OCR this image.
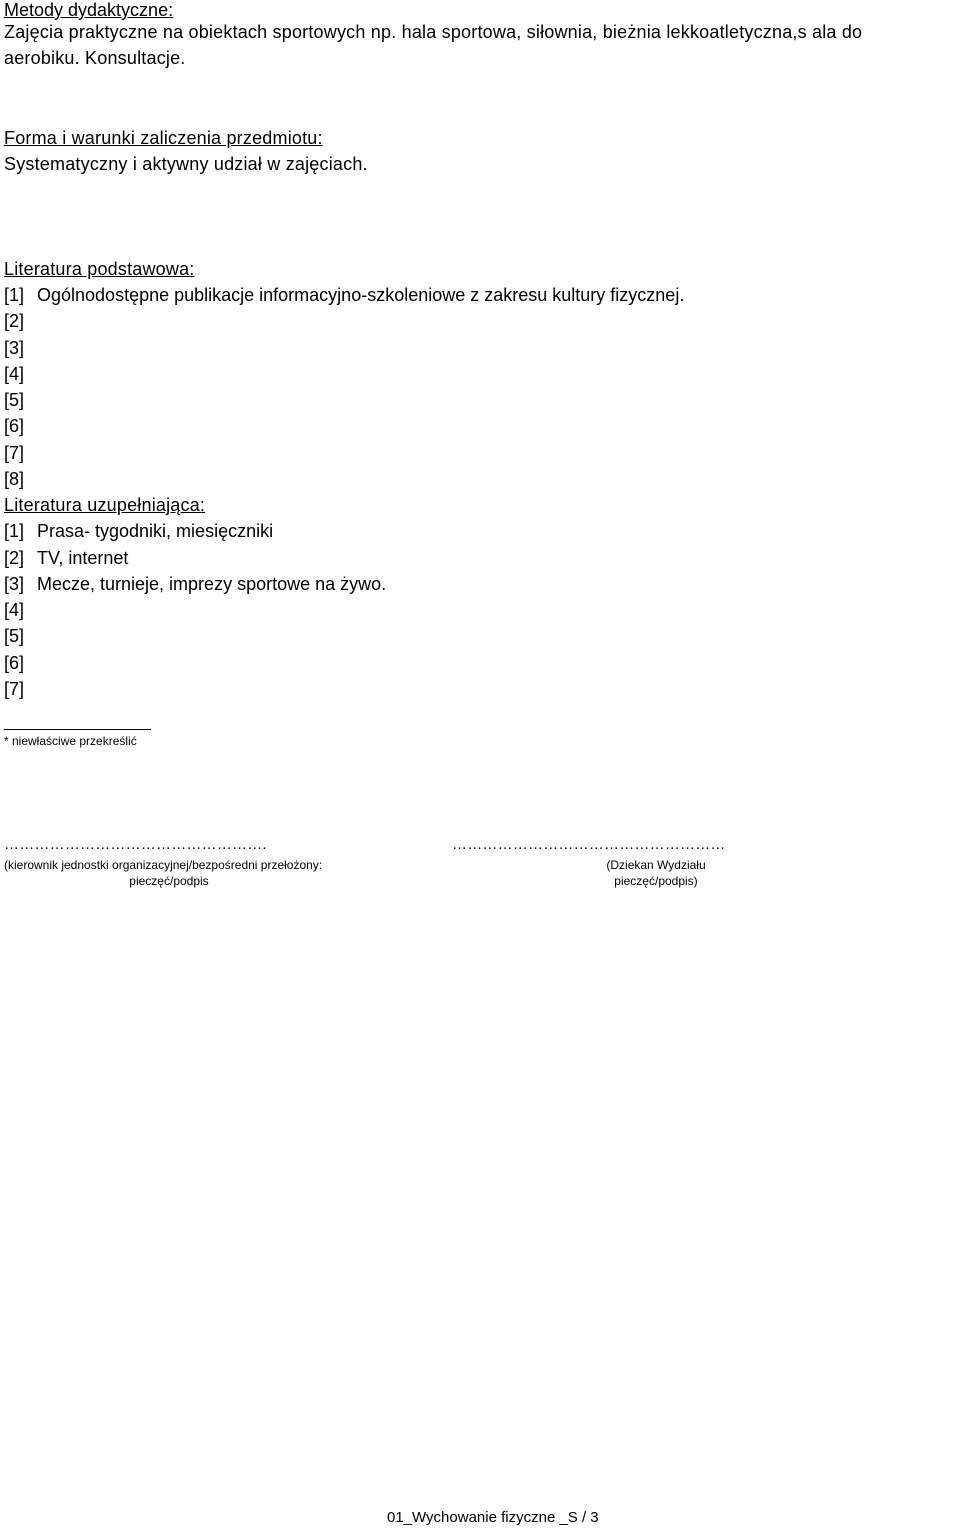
Metody dydaktyczne:
Zajęcia praktyczne na obiektach sportowych np. hala sportowa, siłownia, bieżnia lekkoatletyczna,s ala do
aerobiku. Konsultacje.
Forma i warunki zaliczenia przedmiotu:
Systematyczny i aktywny udział w zajęciach.
Literatura podstawowa:
[1] Ogólnodostępne publikacje informacyjno-szkoleniowe z zakresu kultury fizycznej.
[2]
[3]
[4]
[5]
[6]
[7]
[8]
Literatura uzupełniająca:
[1] Prasa- tygodniki, miesięczniki
[2] TV, internet
[3] Mecze, turnieje, imprezy sportowe na żywo.
[4]
[5]
[6]
[7]
* niewłaściwe przekreślić
…………………………………………….
(kierownik jednostki organizacyjnej/bezpośredni przełożony:
pieczęć/podpis
………………………………………………
(Dziekan Wydziału
pieczęć/podpis)
01_Wychowanie fizyczne _S / 3
